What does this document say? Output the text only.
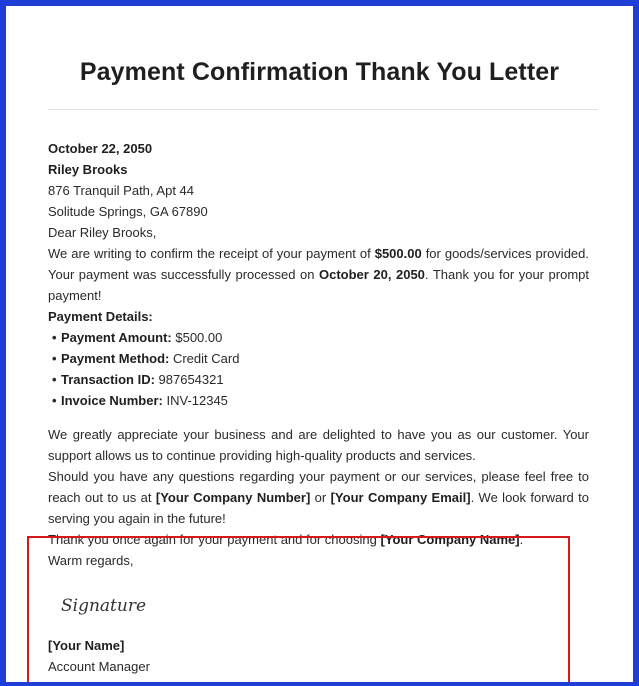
Payment Confirmation Thank You Letter

October 22, 2050

Riley Brooks

876 Tranquil Path, Apt 44

Solitude Springs, GA 67890

Dear Riley Brooks,

We are writing to confirm the receipt of your payment of $500.00 for goods/services provided. Your payment was successfully processed on October 20, 2050. Thank you for your prompt payment!

Payment Details:

• Payment Amount: $500.00
• Payment Method: Credit Card
• Transaction ID: 987654321
• Invoice Number: INV-12345

We greatly appreciate your business and are delighted to have you as our customer. Your support allows us to continue providing high-quality products and services.

Should you have any questions regarding your payment or our services, please feel free to reach out to us at [Your Company Number] or [Your Company Email]. We look forward to serving you again in the future!

Thank you once again for your payment and for choosing [Your Company Name].

Warm regards,

Signature

[Your Name]

Account Manager
